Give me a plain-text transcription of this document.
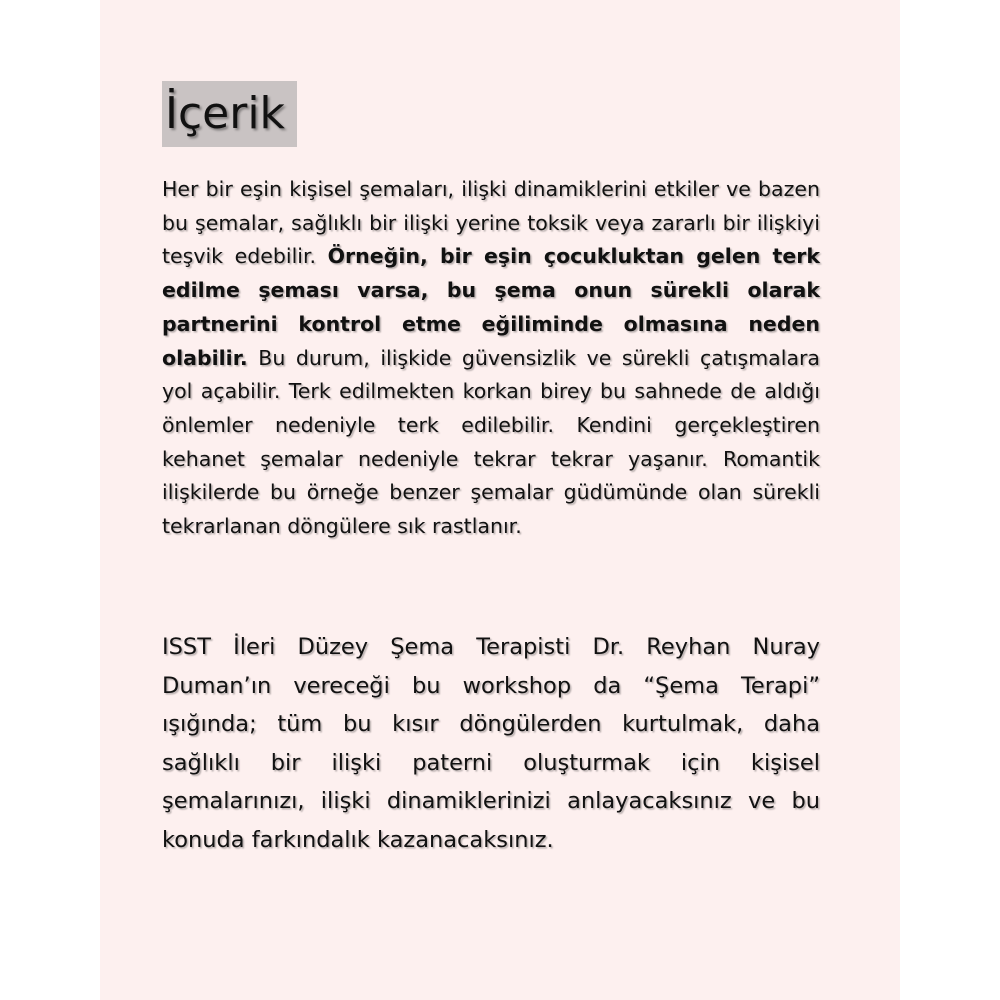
İçerik

Her bir eşin kişisel şemaları, ilişki dinamiklerini etkiler ve bazen bu şemalar, sağlıklı bir ilişki yerine toksik veya zararlı bir ilişkiyi teşvik edebilir. Örneğin, bir eşin çocukluktan gelen terk edilme şeması varsa, bu şema onun sürekli olarak partnerini kontrol etme eğiliminde olmasına neden olabilir. Bu durum, ilişkide güvensizlik ve sürekli çatışmalara yol açabilir. Terk edilmekten korkan birey bu sahnede de aldığı önlemler nedeniyle terk edilebilir. Kendini gerçekleştiren kehanet şemalar nedeniyle tekrar tekrar yaşanır. Romantik ilişkilerde bu örneğe benzer şemalar güdümünde olan sürekli tekrarlanan döngülere sık rastlanır.

ISST İleri Düzey Şema Terapisti Dr. Reyhan Nuray Duman’ın vereceği bu workshop da “Şema Terapi” ışığında; tüm bu kısır döngülerden kurtulmak, daha sağlıklı bir ilişki paterni oluşturmak için kişisel şemalarınızı, ilişki dinamiklerinizi anlayacaksınız ve bu konuda farkındalık kazanacaksınız.
